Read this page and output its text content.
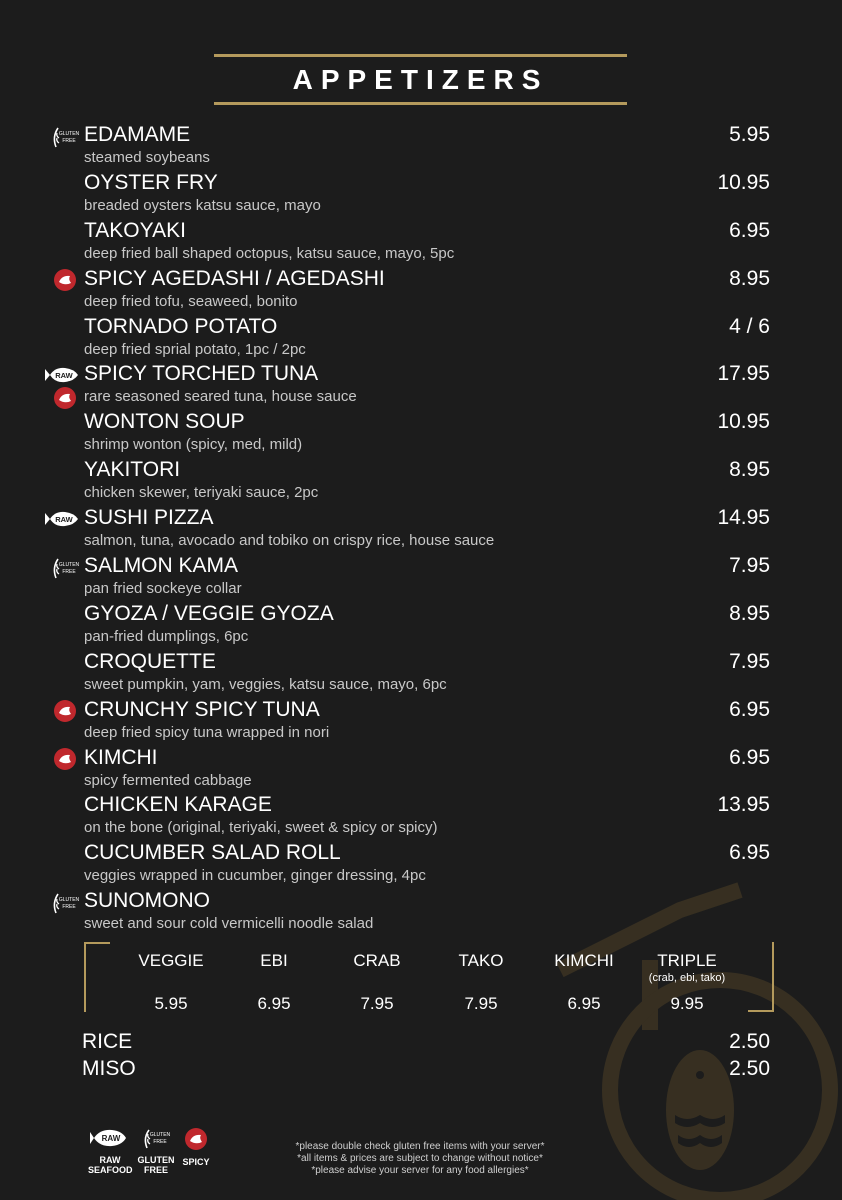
APPETIZERS
GLUTEN
FREE EDAMAME
steamed soybeans
5.95
OYSTER FRY
breaded oysters katsu sauce, mayo
10.95
TAKOYAKI
deep fried ball shaped octopus, katsu sauce, mayo, 5pc
6.95
SPICY AGEDASHI / AGEDASHI
deep fried tofu, seaweed, bonito
8.95
TORNADO POTATO
deep fried sprial potato, 1pc / 2pc
4 / 6
RAW SPICY TORCHED TUNA
rare seasoned seared tuna, house sauce
17.95
WONTON SOUP
shrimp wonton (spicy, med, mild)
10.95
YAKITORI
chicken skewer, teriyaki sauce, 2pc
8.95
RAW SUSHI PIZZA
salmon, tuna, avocado and tobiko on crispy rice, house sauce
14.95
GLUTEN
FREE SALMON KAMA
pan fried sockeye collar
7.95
GYOZA / VEGGIE GYOZA
pan-fried dumplings, 6pc
8.95
CROQUETTE
sweet pumpkin, yam, veggies, katsu sauce, mayo, 6pc
7.95
CRUNCHY SPICY TUNA
deep fried spicy tuna wrapped in nori
6.95
KIMCHI
spicy fermented cabbage
6.95
CHICKEN KARAGE
on the bone (original, teriyaki, sweet & spicy or spicy)
13.95
CUCUMBER SALAD ROLL
veggies wrapped in cucumber, ginger dressing, 4pc
6.95
GLUTEN
FREE SUNOMONO
sweet and sour cold vermicelli noodle salad
VEGGIE
5.95
EBI
6.95
CRAB
7.95
TAKO
7.95
KIMCHI
6.95
TRIPLE
(crab, ebi, tako)
9.95
RICE	2.50
MISO	2.50
RAW
RAW
SEAFOOD
GLUTEN
FREE
GLUTEN
FREE
SPICY
*please double check gluten free items with your server*
*all items & prices are subject to change without notice*
*please advise your server for any food allergies*
